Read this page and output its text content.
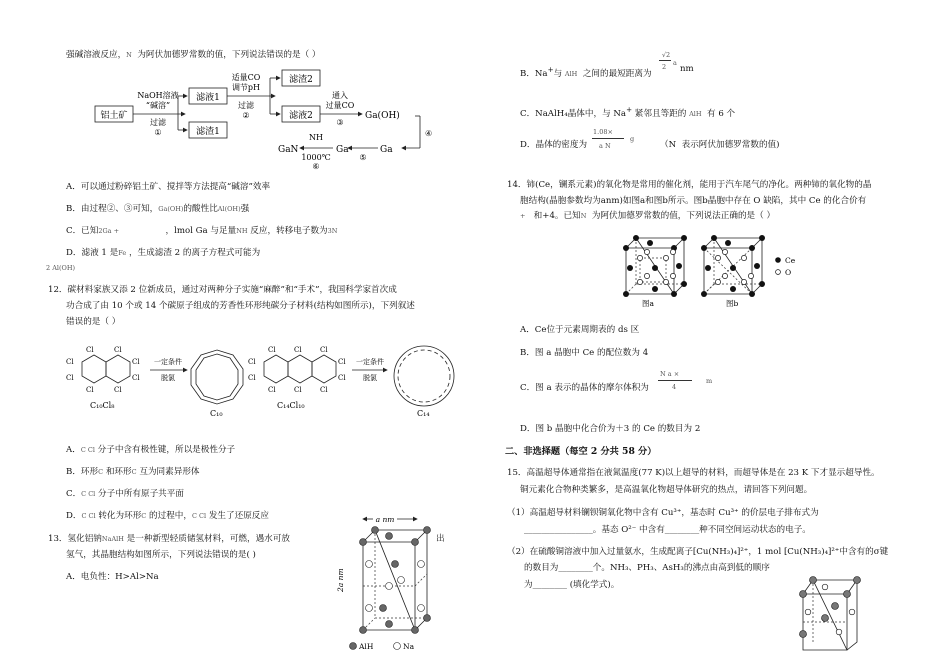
强碱溶液反应，N 为阿伏加德罗常数的值，下列说法错误的是（ ）
铝土矿
NaOH溶液
“碱溶”
过滤
①
滤液1
滤渣1
适量CO
调节pH
过滤
②
滤渣2
滤液2
通入
过量CO
③
Ga(OH)
④
Ga
⑤
Ga
NH
1000℃
⑥
GaN
A．可以通过粉碎铝土矿、搅拌等方法提高“碱溶”效率
B．由过程②、③可知，Ga(OH)的酸性比Al(OH)强
C．已知2Ga +	，lmol Ga 与足量NH 反应，转移电子数为3N
D．滤液 1 是Fe ，生成滤渣 2 的离子方程式可能为
2 Al(OH)
12．碳材料家族又添 2 位新成员，通过对两种分子实施“麻醉”和“手术”，我国科学家首次成
功合成了由 10 个或 14 个碳原子组成的芳香性环形纯碳分子材料(结构如图所示)，下列叙述
错误的是（ ）
Cl	Cl
Cl	Cl
Cl	Cl
Cl	Cl
C₁₀Cl₈
一定条件
脱氯
C₁₀
Cl	Cl	Cl
Cl	Cl
Cl	Cl
Cl	Cl	Cl
C₁₄Cl₁₀
一定条件
脱氯
C₁₄
A．C Cl 分子中含有极性键，所以是极性分子
B．环形C 和环形C 互为同素异形体
C．C Cl 分子中所有原子共平面
D．C Cl 转化为环形C 的过程中，C Cl 发生了还原反应
13．氢化铝钠NaAlH 是一种新型轻质储氢材料，可燃，遇水可放	出
氢气，其晶胞结构如图所示，下列说法错误的是( )
A．电负性：H>Al>Na
a nm
2a nm
AlH	Na
B．Na+与 AlH 之间的最短距离为
√2
2 a
nm
C．NaAlH₄晶体中，与 Na+ 紧邻且等距的 AlH 有 6 个
1.08×
a N
g
D．晶体的密度为	（N 表示阿伏加德罗常数的值)
14．铈(Ce，镧系元素)的氧化物是常用的催化剂，能用于汽车尾气的净化。两种铈的氧化物的晶
胞结构(晶胞参数均为anm)如图a和图b所示。图b晶胞中存在 O 缺陷，其中 Ce 的化合价有
+ 和+4。已知N 为阿伏加德罗常数的值，下列说法正确的是（ ）
图a	图b
Ce
O
A．Ce位于元素周期表的 ds 区
B．图 a 晶胞中 Ce 的配位数为 4
C．图 a 表示的晶体的摩尔体积为
N a ×
4
m
D．图 b 晶胞中化合价为＋3 的 Ce 的数目为 2
二、非选择题（每空 2 分共 58 分）
15．高温超导体通常指在液氮温度(77 K)以上超导的材料，而超导体是在 23 K 下才显示超导性。
铜元素化合物种类繁多，是高温氧化物超导体研究的热点，请回答下列问题。
（1）高温超导材料镧钡铜氧化物中含有 Cu³⁺，基态时 Cu³⁺ 的价层电子排布式为
________________。基态 O²⁻ 中含有________种不同空间运动状态的电子。
（2）在硫酸铜溶液中加入过量氨水，生成配离子[Cu(NH₃)₄]²⁺，1 mol [Cu(NH₃)₄]²⁺中含有的σ键
的数目为________个。NH₃、PH₃、AsH₃的沸点由高到低的顺序
为________ (填化学式)。
